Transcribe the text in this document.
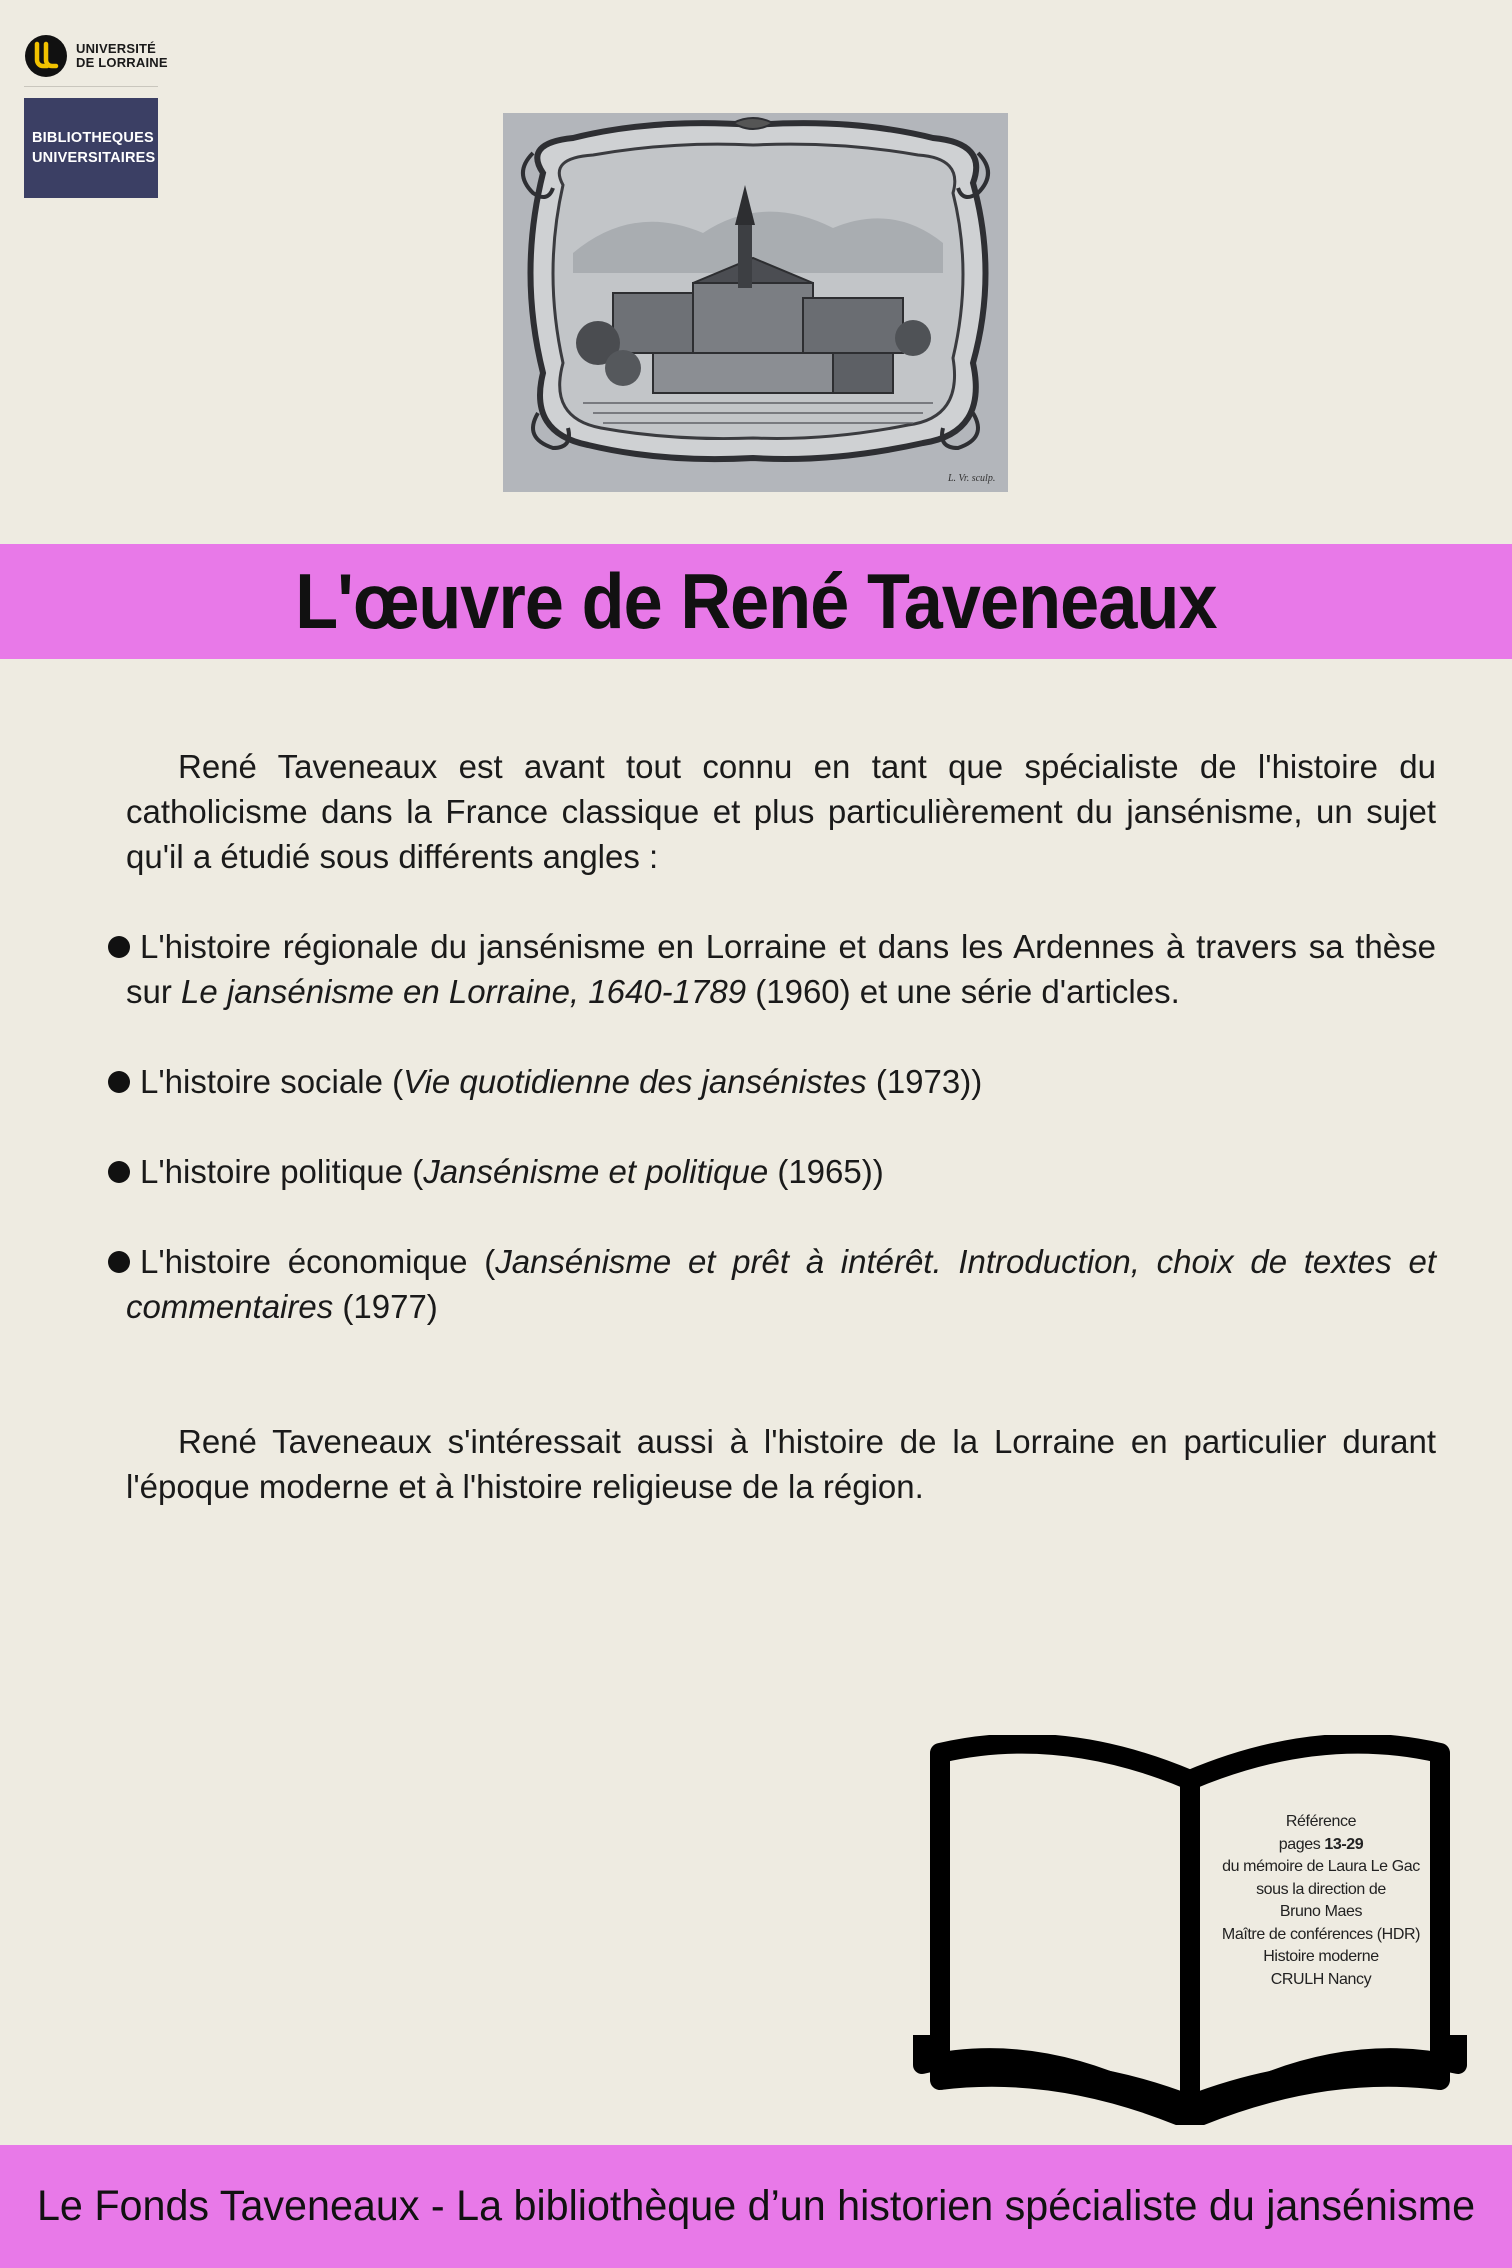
UNIVERSITÉ
DE LORRAINE
BIBLIOTHEQUES
UNIVERSITAIRES
L. Vr. sculp.
L'œuvre de René Taveneaux

René Taveneaux est avant tout connu en tant que spécialiste de l'histoire du catholicisme dans la France classique et plus particulièrement du jansénisme, un sujet qu'il a étudié sous différents angles :

L'histoire régionale du jansénisme en Lorraine et dans les Ardennes à travers sa thèse sur Le jansénisme en Lorraine, 1640-1789 (1960) et une série d'articles.

L'histoire sociale (Vie quotidienne des jansénistes (1973))

L'histoire politique (Jansénisme et politique (1965))

L'histoire économique (Jansénisme et prêt à intérêt. Introduction, choix de textes et commentaires (1977)

René Taveneaux s'intéressait aussi à l'histoire de la Lorraine en particulier durant l'époque moderne et à l'histoire religieuse de la région.

Référence
pages 13-29
du mémoire de Laura Le Gac
sous la direction de
Bruno Maes
Maître de conférences (HDR)
Histoire moderne
CRULH Nancy
Le Fonds Taveneaux - La bibliothèque d’un historien spécialiste du jansénisme
